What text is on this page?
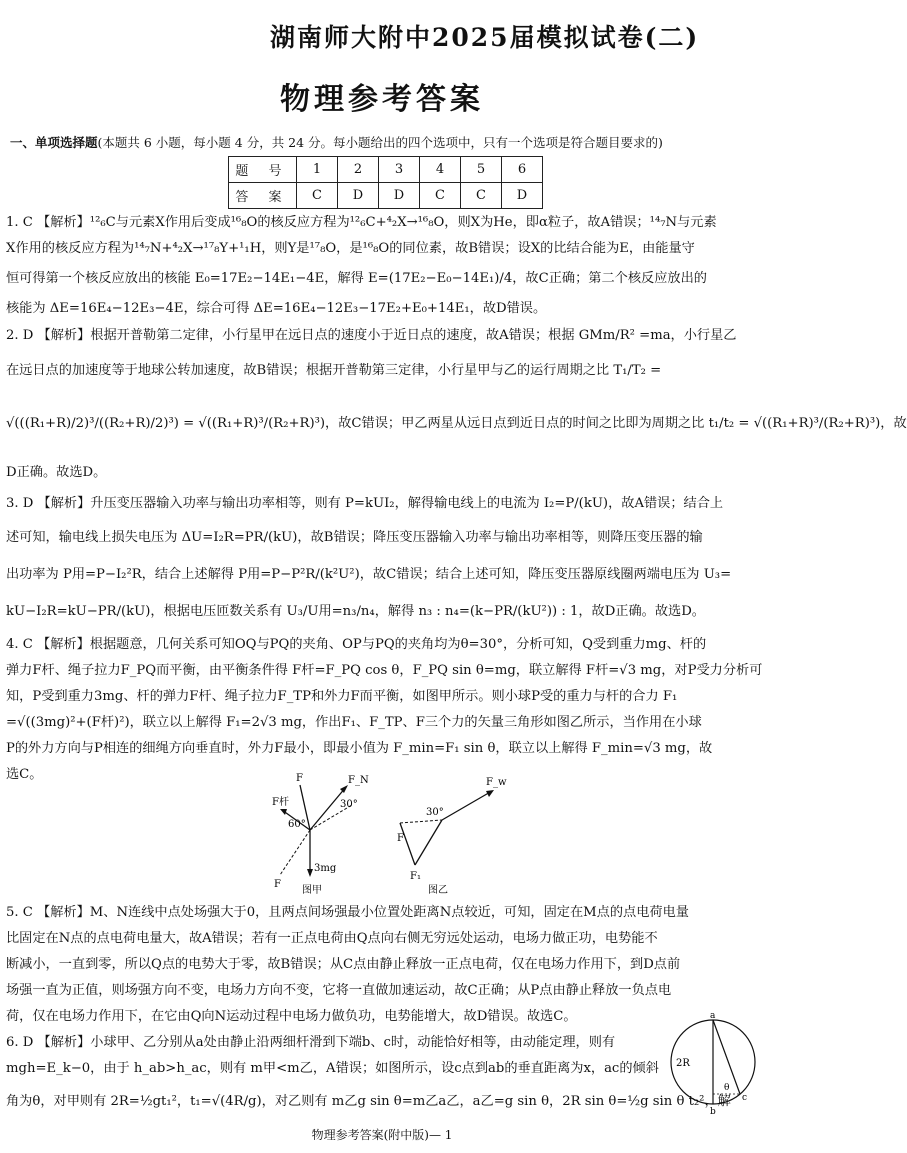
湖南师大附中2025届模拟试卷(二)
物理参考答案
一、单项选择题(本题共 6 小题，每小题 4 分，共 24 分。每小题给出的四个选项中，只有一个选项是符合题目要求的)
题 号	1	2	3	4	5	6
答 案	C	D	D	C	C	D
1. C 【解析】¹²₆C与元素X作用后变成¹⁶₈O的核反应方程为¹²₆C+⁴₂X→¹⁶₈O，则X为He，即α粒子，故A错误；¹⁴₇N与元素
X作用的核反应方程为¹⁴₇N+⁴₂X→¹⁷₈Y+¹₁H，则Y是¹⁷₈O，是¹⁶₈O的同位素，故B错误；设X的比结合能为E，由能量守
恒可得第一个核反应放出的核能 E₀=17E₂−14E₁−4E，解得 E=(17E₂−E₀−14E₁)/4，故C正确；第二个核反应放出的
核能为 ΔE=16E₄−12E₃−4E，综合可得 ΔE=16E₄−12E₃−17E₂+E₀+14E₁，故D错误。
2. D 【解析】根据开普勒第二定律，小行星甲在远日点的速度小于近日点的速度，故A错误；根据 GMm/R² =ma，小行星乙
在远日点的加速度等于地球公转加速度，故B错误；根据开普勒第三定律，小行星甲与乙的运行周期之比 T₁/T₂ =
√(((R₁+R)/2)³/((R₂+R)/2)³) = √((R₁+R)³/(R₂+R)³)，故C错误；甲乙两星从远日点到近日点的时间之比即为周期之比 t₁/t₂ = √((R₁+R)³/(R₂+R)³)，故
D正确。故选D。
3. D 【解析】升压变压器输入功率与输出功率相等，则有 P=kUI₂，解得输电线上的电流为 I₂=P/(kU)，故A错误；结合上
述可知，输电线上损失电压为 ΔU=I₂R=PR/(kU)，故B错误；降压变压器输入功率与输出功率相等，则降压变压器的输
出功率为 P用=P−I₂²R，结合上述解得 P用=P−P²R/(k²U²)，故C错误；结合上述可知，降压变压器原线圈两端电压为 U₃=
kU−I₂R=kU−PR/(kU)，根据电压匝数关系有 U₃/U用=n₃/n₄，解得 n₃ : n₄=(k−PR/(kU²)) : 1，故D正确。故选D。
4. C 【解析】根据题意，几何关系可知OQ与PQ的夹角、OP与PQ的夹角均为θ=30°，分析可知，Q受到重力mg、杆的
弹力F杆、绳子拉力F_PQ而平衡，由平衡条件得 F杆=F_PQ cos θ，F_PQ sin θ=mg，联立解得 F杆=√3 mg，对P受力分析可
知，P受到重力3mg、杆的弹力F杆、绳子拉力F_TP和外力F而平衡，如图甲所示。则小球P受的重力与杆的合力 F₁
=√((3mg)²+(F杆)²)，联立以上解得 F₁=2√3 mg，作出F₁、F_TP、F三个力的矢量三角形如图乙所示，当作用在小球
P的外力方向与P相连的细绳方向垂直时，外力F最小，即最小值为 F_min=F₁ sin θ，联立以上解得 F_min=√3 mg，故
选C。	F	F_N
F杆	30°
60°
3mg
F
图甲
30°
F
F₁
F_w
图乙
5. C 【解析】M、N连线中点处场强大于0，且两点间场强最小位置处距离N点较近，可知，固定在M点的点电荷电量
比固定在N点的点电荷电量大，故A错误；若有一正点电荷由Q点向右侧无穷远处运动，电场力做正功，电势能不
断减小，一直到零，所以Q点的电势大于零，故B错误；从C点由静止释放一正点电荷，仅在电场力作用下，到D点前
场强一直为正值，则场强方向不变，电场力方向不变，它将一直做加速运动，故C正确；从P点由静止释放一负点电
荷，仅在电场力作用下，在它由Q向N运动过程中电场力做负功，电势能增大，故D错误。故选C。
6. D 【解析】小球甲、乙分别从a处由静止沿两细杆滑到下端b、c时，动能恰好相等，由动能定理，则有
mgh=E_k−0，由于 h_ab>h_ac，则有 m甲<m乙，A错误；如图所示，设c点到ab的垂直距离为x，ac的倾斜
角为θ，对甲则有 2R=½gt₁²，t₁=√(4R/g)，对乙则有 m乙g sin θ=m乙a乙，a乙=g sin θ，2R sin θ=½g sin θ t₂²，解
a
b
c
2R
θ
物理参考答案(附中版)— 1
